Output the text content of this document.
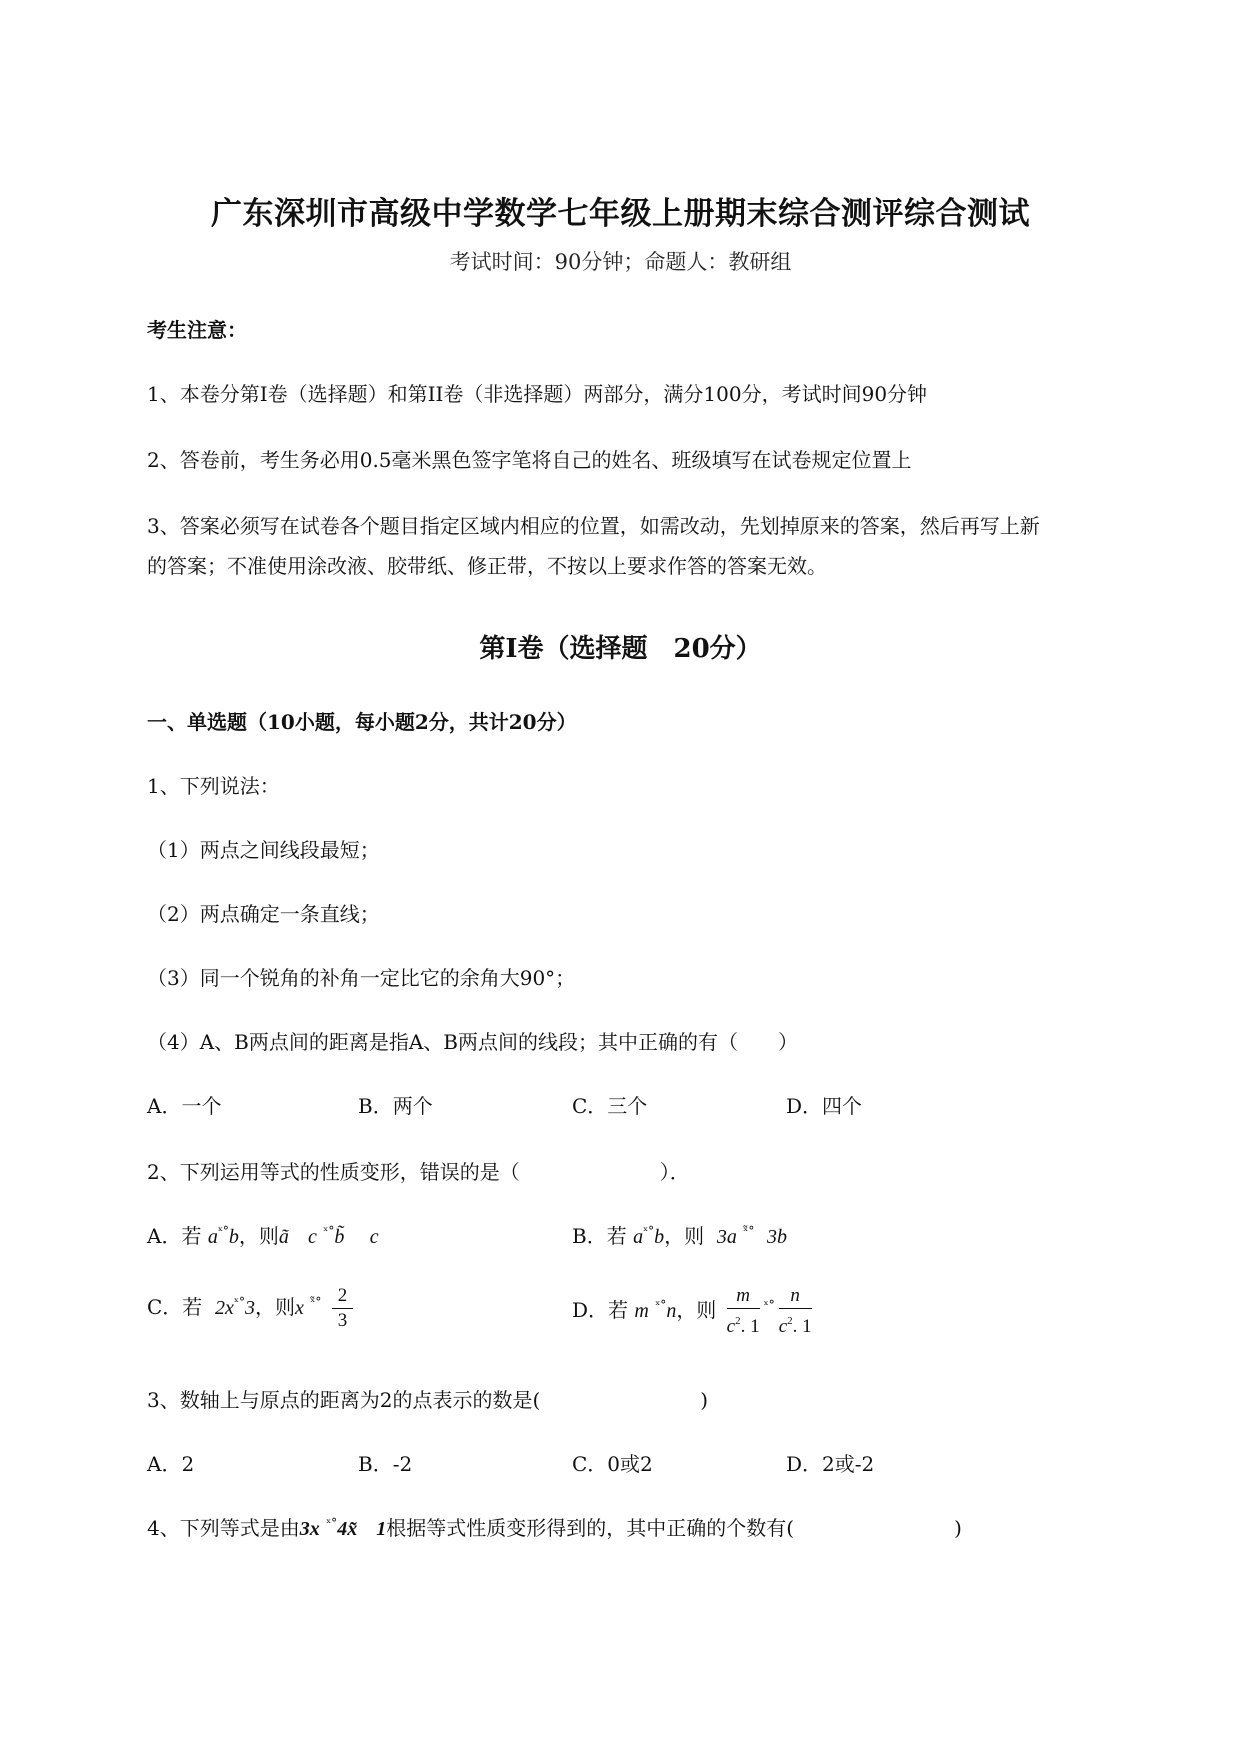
广东深圳市高级中学数学七年级上册期末综合测评综合测试
考试时间：90分钟；命题人：教研组
考生注意：
1、本卷分第I卷（选择题）和第II卷（非选择题）两部分，满分100分，考试时间90分钟
2、答卷前，考生务必用0.5毫米黑色签字笔将自己的姓名、班级填写在试卷规定位置上
3、答案必须写在试卷各个题目指定区域内相应的位置，如需改动，先划掉原来的答案，然后再写上新
的答案；不准使用涂改液、胶带纸、修正带，不按以上要求作答的答案无效。
第I卷（选择题　20分）
一、单选题（10小题，每小题2分，共计20分）
1、下列说法：
（1）两点之间线段最短；
（2）两点确定一条直线；
（3）同一个锐角的补角一定比它的余角大90°；
（4）A、B两点间的距离是指A、B两点间的线段；其中正确的有（　　）
A．一个	B．两个	C．三个	D．四个
2、下列运用等式的性质变形，错误的是（　　　　　　　）．
A．若 $a^{ˣ^\circ}b$，则ã c $^{ˣ^\circ}$b̃ c	B．若 $a^{ˣ^\circ}b$，则 3a $^{ˣ̃^\circ}$ 3b
C．若 $2x^{ˣ^\circ}3$，则x $^{ˣ̃^\circ} \frac{2}{3}$	D．若 m $^{ˣ^\circ}$n，则 $\frac{m}{c^2. 1} ^{ˣ^\circ} \frac{n}{c^2. 1}$
3、数轴上与原点的距离为2的点表示的数是(　　　　　　　　)
A．2	B．-2	C．0或2	D．2或-2
4、下列等式是由3x $^{ˣ^\circ}$4x̃ 1根据等式性质变形得到的，其中正确的个数有(　　　　　　　　)
